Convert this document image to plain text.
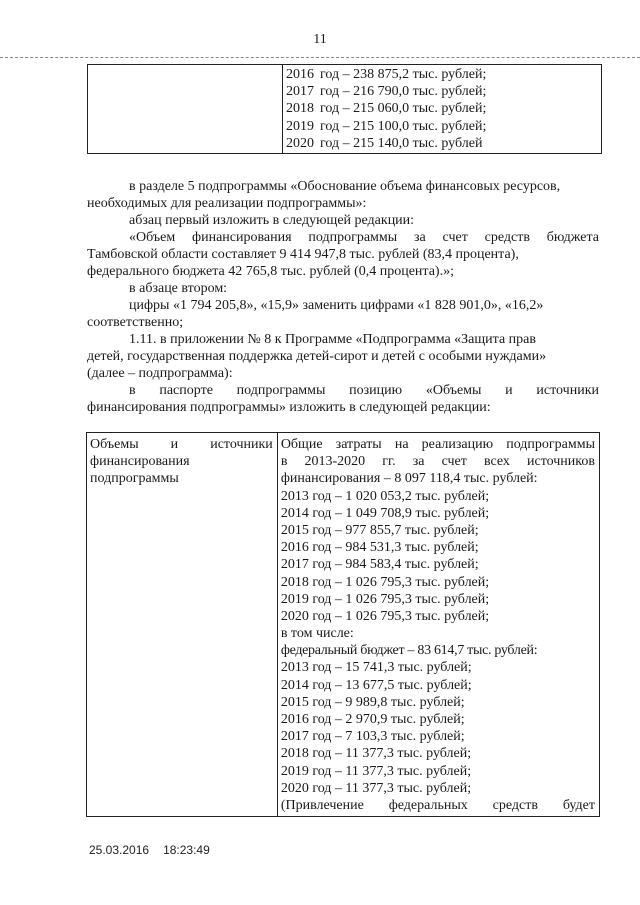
11

2016 год – 238 875,2 тыс. рублей;
2017 год – 216 790,0 тыс. рублей;
2018 год – 215 060,0 тыс. рублей;
2019 год – 215 100,0 тыс. рублей;
2020 год – 215 140,0 тыс. рублей
в разделе 5 подпрограммы «Обоснование объема финансовых ресурсов,
необходимых для реализации подпрограммы»:
абзац первый изложить в следующей редакции:
«Объем финансирования подпрограммы за счет средств бюджета
Тамбовской области составляет 9 414 947,8 тыс. рублей (83,4 процента),
федерального бюджета 42 765,8 тыс. рублей (0,4 процента).»;
в абзаце втором:
цифры «1 794 205,8», «15,9» заменить цифрами «1 828 901,0», «16,2»
соответственно;
1.11. в приложении № 8 к Программе «Подпрограмма «Защита прав
детей, государственная поддержка детей-сирот и детей с особыми нуждами»
(далее – подпрограмма):
в паспорте подпрограммы позицию «Объемы и источники
финансирования подпрограммы» изложить в следующей редакции:
Объемы и источники
финансирования
подпрограммы

Общие затраты на реализацию подпрограммы
в 2013-2020 гг. за счет всех источников
финансирования – 8 097 118,4 тыс. рублей:
2013 год – 1 020 053,2 тыс. рублей;
2014 год – 1 049 708,9 тыс. рублей;
2015 год – 977 855,7 тыс. рублей;
2016 год – 984 531,3 тыс. рублей;
2017 год – 984 583,4 тыс. рублей;
2018 год – 1 026 795,3 тыс. рублей;
2019 год – 1 026 795,3 тыс. рублей;
2020 год – 1 026 795,3 тыс. рублей;
в том числе:
федеральный бюджет – 83 614,7 тыс. рублей:
2013 год – 15 741,3 тыс. рублей;
2014 год – 13 677,5 тыс. рублей;
2015 год – 9 989,8 тыс. рублей;
2016 год – 2 970,9 тыс. рублей;
2017 год – 7 103,3 тыс. рублей;
2018 год – 11 377,3 тыс. рублей;
2019 год – 11 377,3 тыс. рублей;
2020 год – 11 377,3 тыс. рублей;
(Привлечение федеральных средств будет
25.03.2016 18:23:49
